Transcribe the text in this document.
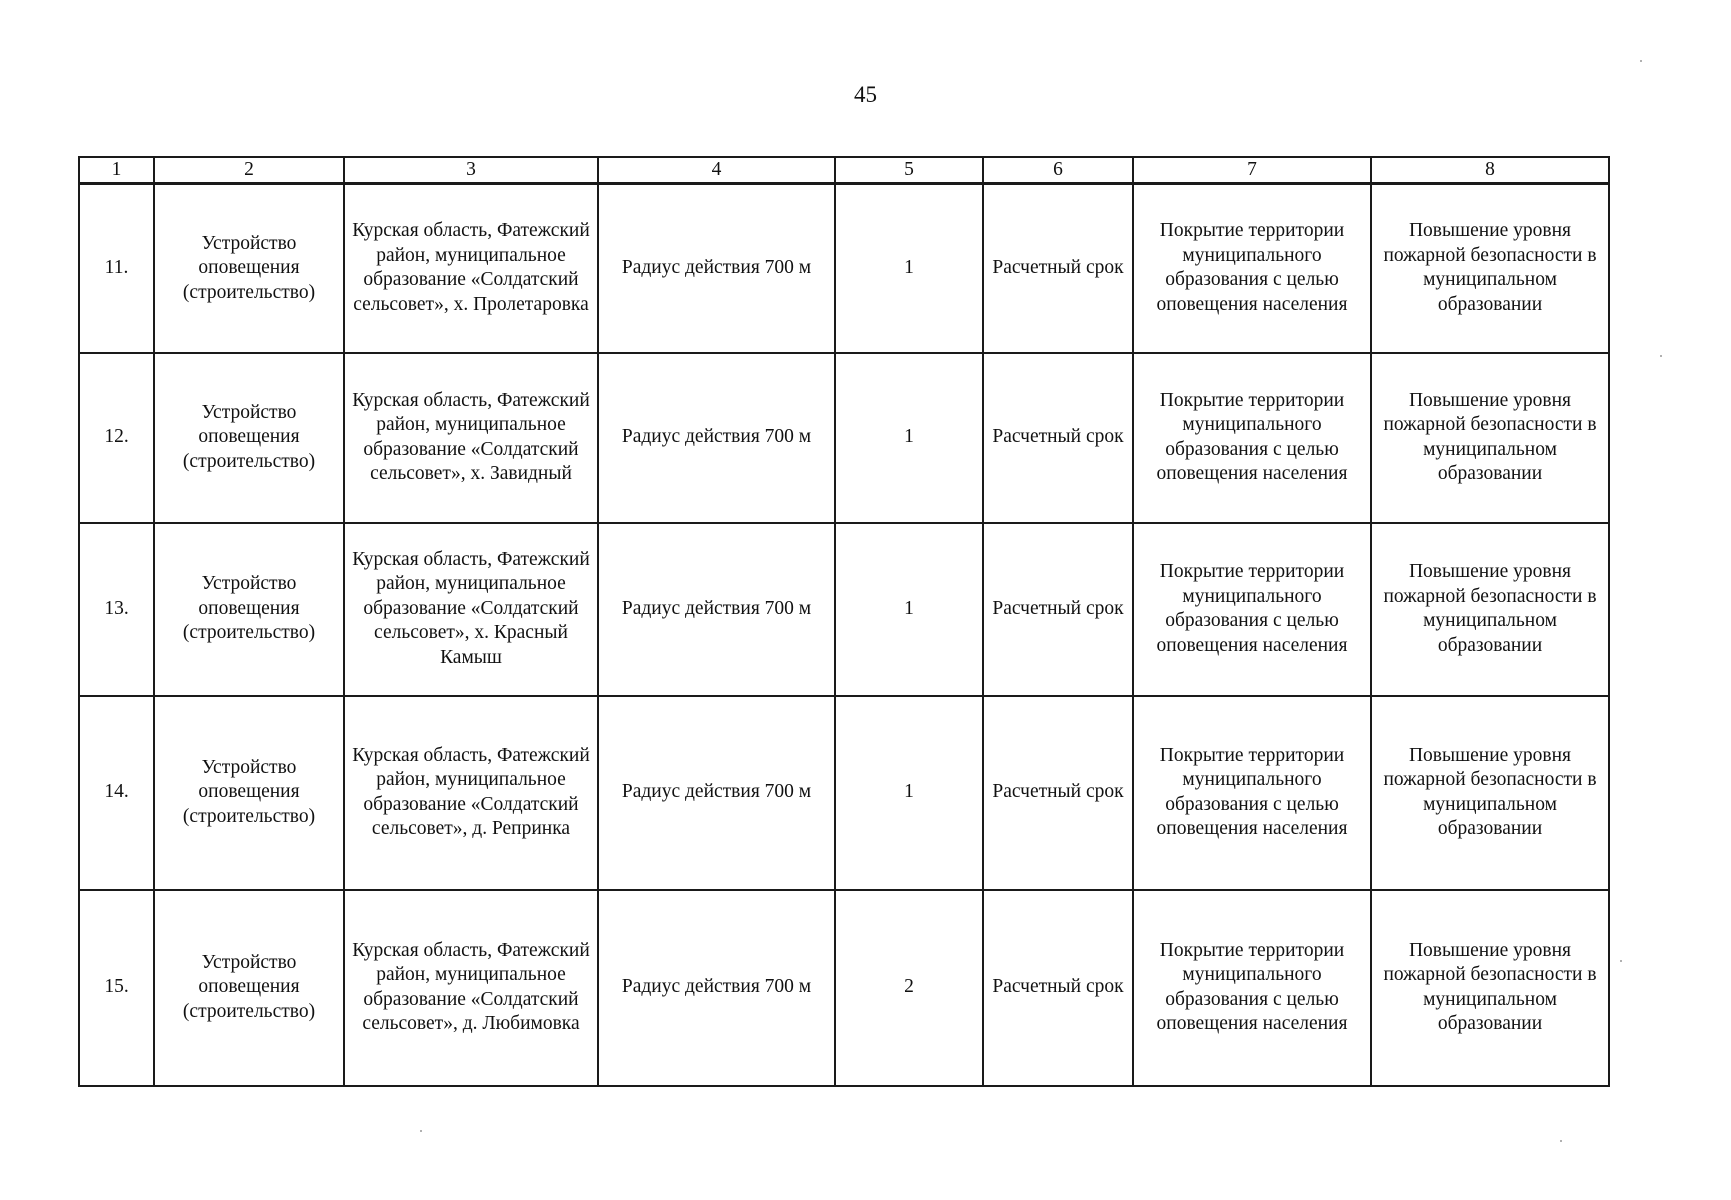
45
1	2	3	4	5	6	7	8
11.	Устройство оповещения (строительство)	Курская область, Фатежский район, муниципальное образование «Солдатский сельсовет», х. Пролетаровка	Радиус действия 700 м	1	Расчетный срок	Покрытие территории муниципального образования с целью оповещения населения	Повышение уровня пожарной безопасности в муниципальном образовании
12.	Устройство оповещения (строительство)	Курская область, Фатежский район, муниципальное образование «Солдатский сельсовет», х. Завидный	Радиус действия 700 м	1	Расчетный срок	Покрытие территории муниципального образования с целью оповещения населения	Повышение уровня пожарной безопасности в муниципальном образовании
13.	Устройство оповещения (строительство)	Курская область, Фатежский район, муниципальное образование «Солдатский сельсовет», х. Красный Камыш	Радиус действия 700 м	1	Расчетный срок	Покрытие территории муниципального образования с целью оповещения населения	Повышение уровня пожарной безопасности в муниципальном образовании
14.	Устройство оповещения (строительство)	Курская область, Фатежский район, муниципальное образование «Солдатский сельсовет», д. Репринка	Радиус действия 700 м	1	Расчетный срок	Покрытие территории муниципального образования с целью оповещения населения	Повышение уровня пожарной безопасности в муниципальном образовании
15.	Устройство оповещения (строительство)	Курская область, Фатежский район, муниципальное образование «Солдатский сельсовет», д. Любимовка	Радиус действия 700 м	2	Расчетный срок	Покрытие территории муниципального образования с целью оповещения населения	Повышение уровня пожарной безопасности в муниципальном образовании
